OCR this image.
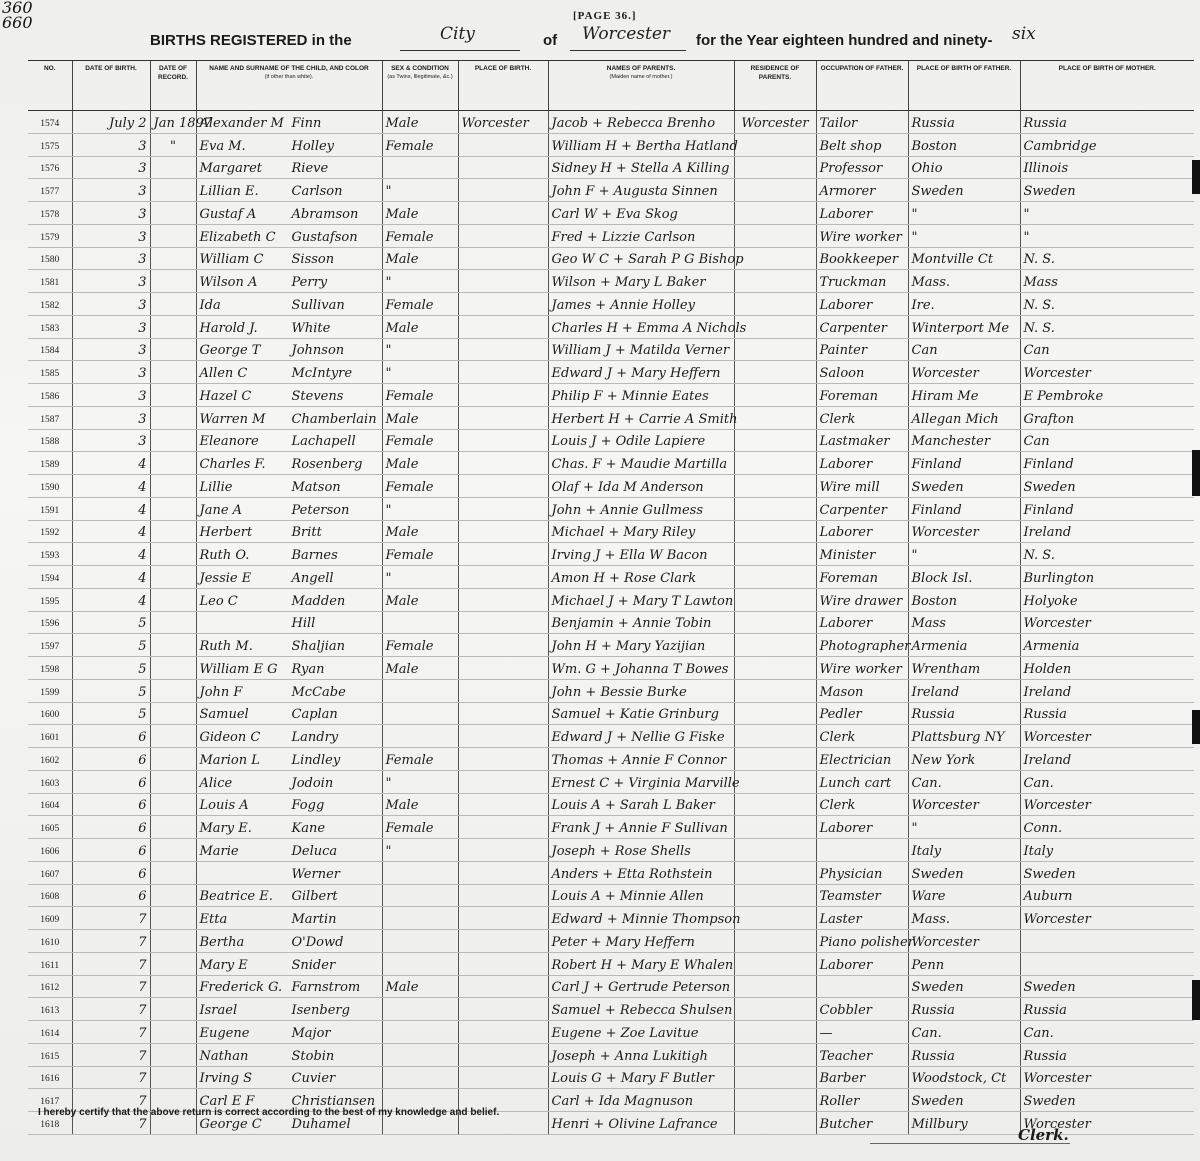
360
660	[PAGE 36.]
BIRTHS REGISTERED in the	City	of Worcester for the Year eighteen hundred and ninety- six
NO.	DATE OF BIRTH.	DATE OF RECORD.	NAME AND SURNAME OF THE CHILD, AND COLOR
(if other than white).	SEX & CONDITION
(as Twins, Illegitimate, &c.)	PLACE OF BIRTH.	NAMES OF PARENTS.
(Maiden name of mother.)	RESIDENCE OF PARENTS.	OCCUPATION OF FATHER.	PLACE OF BIRTH OF FATHER.	PLACE OF BIRTH OF MOTHER.
1574	July 2	Jan 1897	Alexander M Finn	Male	Worcester	Jacob + Rebecca Brenho	Worcester	Tailor	Russia	Russia
1575	3	"	Eva M. Holley	Female		William H + Bertha Hatland		Belt shop	Boston	Cambridge
1576	3		Margaret Rieve			Sidney H + Stella A Killing		Professor	Ohio	Illinois
1577	3		Lillian E. Carlson	"		John F + Augusta Sinnen		Armorer	Sweden	Sweden
1578	3		Gustaf A Abramson	Male		Carl W + Eva Skog		Laborer	"	"
1579	3		Elizabeth C Gustafson	Female		Fred + Lizzie Carlson		Wire worker	"	"
1580	3		William C Sisson	Male		Geo W C + Sarah P G Bishop		Bookkeeper	Montville Ct	N. S.
1581	3		Wilson A Perry	"		Wilson + Mary L Baker		Truckman	Mass.	Mass
1582	3		Ida Sullivan	Female		James + Annie Holley		Laborer	Ire.	N. S.
1583	3		Harold J. White	Male		Charles H + Emma A Nichols		Carpenter	Winterport Me	N. S.
1584	3		George T Johnson	"		William J + Matilda Verner		Painter	Can	Can
1585	3		Allen C McIntyre	"		Edward J + Mary Heffern		Saloon	Worcester	Worcester
1586	3		Hazel C Stevens	Female		Philip F + Minnie Eates		Foreman	Hiram Me	E Pembroke
1587	3		Warren M Chamberlain	Male		Herbert H + Carrie A Smith		Clerk	Allegan Mich	Grafton
1588	3		Eleanore Lachapell	Female		Louis J + Odile Lapiere		Lastmaker	Manchester	Can
1589	4		Charles F. Rosenberg	Male		Chas. F + Maudie Martilla		Laborer	Finland	Finland
1590	4		Lillie Matson	Female		Olaf + Ida M Anderson		Wire mill	Sweden	Sweden
1591	4		Jane A Peterson	"		John + Annie Gullmess		Carpenter	Finland	Finland
1592	4		Herbert Britt	Male		Michael + Mary Riley		Laborer	Worcester	Ireland
1593	4		Ruth O. Barnes	Female		Irving J + Ella W Bacon		Minister	"	N. S.
1594	4		Jessie E Angell	"		Amon H + Rose Clark		Foreman	Block Isl.	Burlington
1595	4		Leo C Madden	Male		Michael J + Mary T Lawton		Wire drawer	Boston	Holyoke
1596	5		Hill			Benjamin + Annie Tobin		Laborer	Mass	Worcester
1597	5		Ruth M. Shaljian	Female		John H + Mary Yazijian		Photographer	Armenia	Armenia
1598	5		William E G Ryan	Male		Wm. G + Johanna T Bowes		Wire worker	Wrentham	Holden
1599	5		John F McCabe			John + Bessie Burke		Mason	Ireland	Ireland
1600	5		Samuel Caplan			Samuel + Katie Grinburg		Pedler	Russia	Russia
1601	6		Gideon C Landry			Edward J + Nellie G Fiske		Clerk	Plattsburg NY	Worcester
1602	6		Marion L Lindley	Female		Thomas + Annie F Connor		Electrician	New York	Ireland
1603	6		Alice Jodoin	"		Ernest C + Virginia Marville		Lunch cart	Can.	Can.
1604	6		Louis A Fogg	Male		Louis A + Sarah L Baker		Clerk	Worcester	Worcester
1605	6		Mary E. Kane	Female		Frank J + Annie F Sullivan		Laborer	"	Conn.
1606	6		Marie Deluca	"		Joseph + Rose Shells			Italy	Italy
1607	6		Werner			Anders + Etta Rothstein		Physician	Sweden	Sweden
1608	6		Beatrice E. Gilbert			Louis A + Minnie Allen		Teamster	Ware	Auburn
1609	7		Etta Martin			Edward + Minnie Thompson		Laster	Mass.	Worcester
1610	7		Bertha O'Dowd			Peter + Mary Heffern		Piano polisher	Worcester	
1611	7		Mary E Snider			Robert H + Mary E Whalen		Laborer	Penn	
1612	7		Frederick G. Farnstrom	Male		Carl J + Gertrude Peterson			Sweden	Sweden
1613	7		Israel Isenberg			Samuel + Rebecca Shulsen		Cobbler	Russia	Russia
1614	7		Eugene Major			Eugene + Zoe Lavitue		—	Can.	Can.
1615	7		Nathan Stobin			Joseph + Anna Lukitigh		Teacher	Russia	Russia
1616	7		Irving S Cuvier			Louis G + Mary F Butler		Barber	Woodstock, Ct	Worcester
1617	7		Carl E F Christiansen			Carl + Ida Magnuson		Roller	Sweden	Sweden
1618	7		George C Duhamel			Henri + Olivine Lafrance		Butcher	Millbury	Worcester
I hereby certify that the above return is correct according to the best of my knowledge and belief.
Clerk.
